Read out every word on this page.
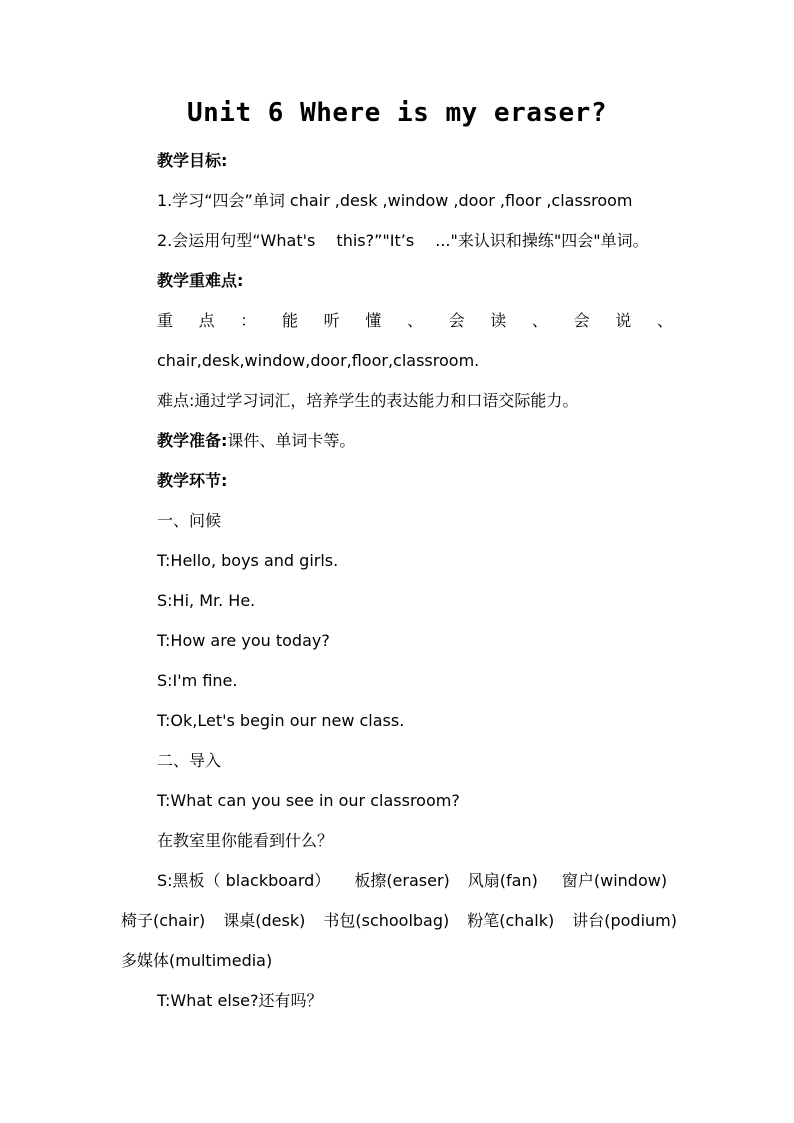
Unit 6 Where is my eraser?
教学目标:
1.学习“四会”单词 chair ,desk ,window ,door ,floor ,classroom
2.会运用句型“What's　 this?”"It’s　 ..."来认识和操练"四会"单词。
教学重难点:
重 点 ： 能 听 懂 、 会 读 、 会 说 、
chair,desk,window,door,floor,classroom.
难点:通过学习词汇，培养学生的表达能力和口语交际能力。
教学准备:课件、单词卡等。
教学环节:
一、问候
T:Hello, boys and girls.
S:Hi, Mr. He.
T:How are you today?
S:I'm fine.
T:Ok,Let's begin our new class.
二、导入
T:What can you see in our classroom?
在教室里你能看到什么？
S:黑板（ blackboard） 板擦(eraser) 风扇(fan) 窗户(window)
椅子(chair) 课桌(desk) 书包(schoolbag) 粉笔(chalk) 讲台(podium)
多媒体(multimedia)
T:What else?还有吗？
